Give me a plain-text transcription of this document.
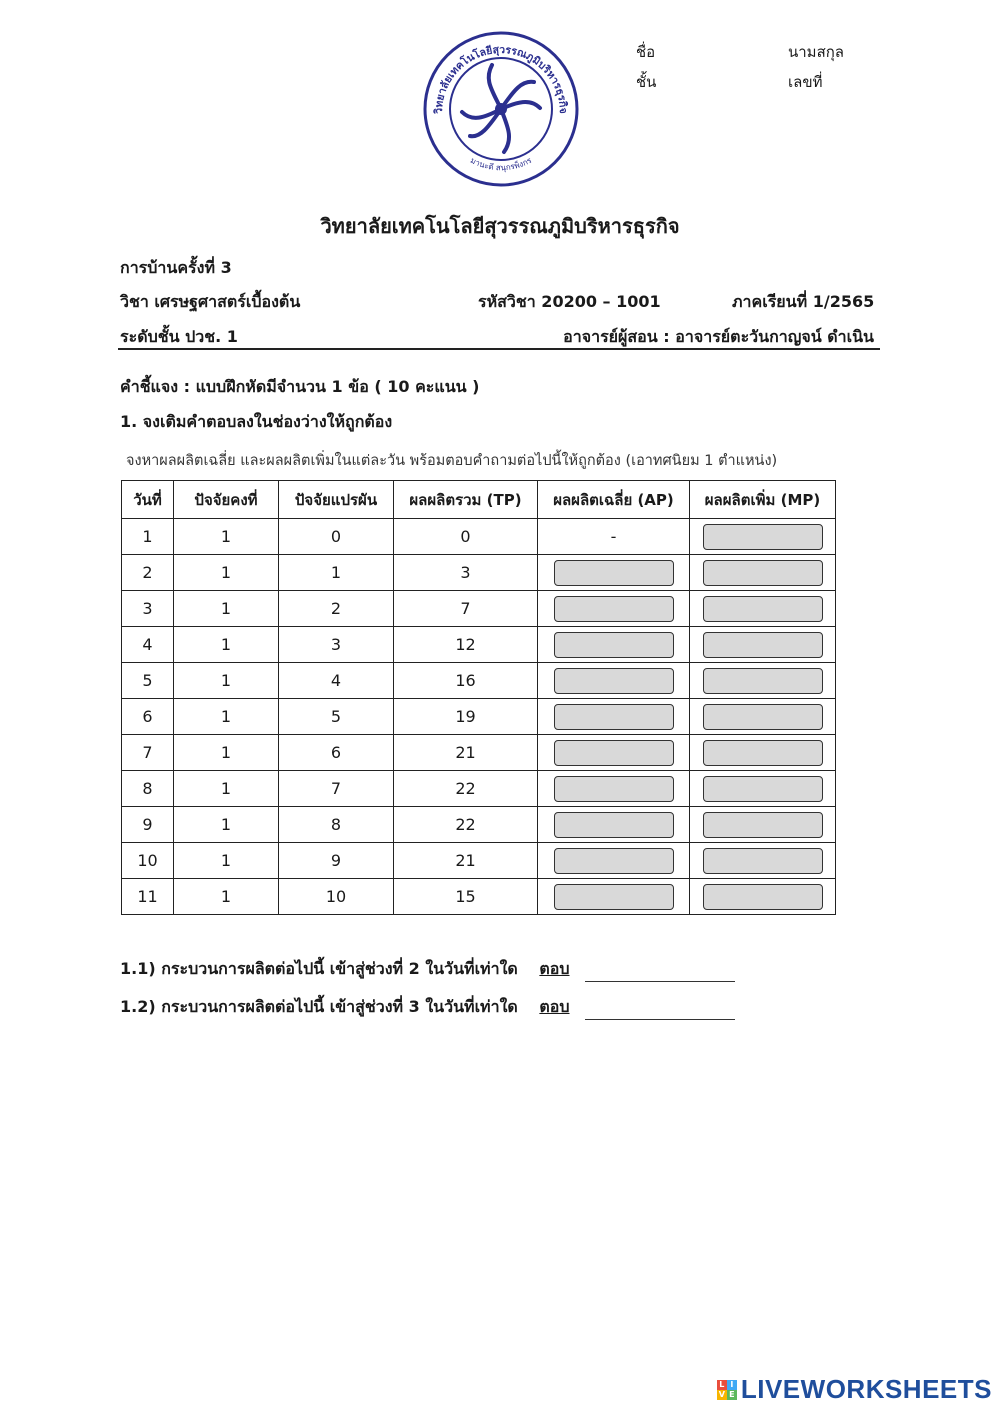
วิทยาลัยเทคโนโลยีสุวรรณภูมิบริหารธุรกิจ
มานะดี สนุกรพ็งกร
ชื่อ	นามสกุล
ชั้น	เลขที่
วิทยาลัยเทคโนโลยีสุวรรณภูมิบริหารธุรกิจ
การบ้านครั้งที่ 3
วิชา เศรษฐศาสตร์เบื้องต้น	รหัสวิชา 20200 – 1001	ภาคเรียนที่ 1/2565
ระดับชั้น ปวช. 1	อาจารย์ผู้สอน : อาจารย์ตะวันกาญจน์ ดำเนิน
คำชี้แจง : แบบฝึกหัดมีจำนวน 1 ข้อ ( 10 คะแนน )
1. จงเติมคำตอบลงในช่องว่างให้ถูกต้อง
จงหาผลผลิตเฉลี่ย และผลผลิตเพิ่มในแต่ละวัน พร้อมตอบคำถามต่อไปนี้ให้ถูกต้อง (เอาทศนิยม 1 ตำแหน่ง)
วันที่	ปัจจัยคงที่	ปัจจัยแปรผัน	ผลผลิตรวม (TP)	ผลผลิตเฉลี่ย (AP)	ผลผลิตเพิ่ม (MP)
1	1	0	0	-	

2	1	1	3	

3	1	2	7	

4	1	3	12	

5	1	4	16	

6	1	5	19	

7	1	6	21	

8	1	7	22	

9	1	8	22	

10	1	9	21	

11	1	10	15	

1.1) กระบวนการผลิตต่อไปนี้ เข้าสู่ช่วงที่ 2 ในวันที่เท่าใด ตอบ
1.2) กระบวนการผลิตต่อไปนี้ เข้าสู่ช่วงที่ 3 ในวันที่เท่าใด ตอบ
L I
V E LIVEWORKSHEETS
